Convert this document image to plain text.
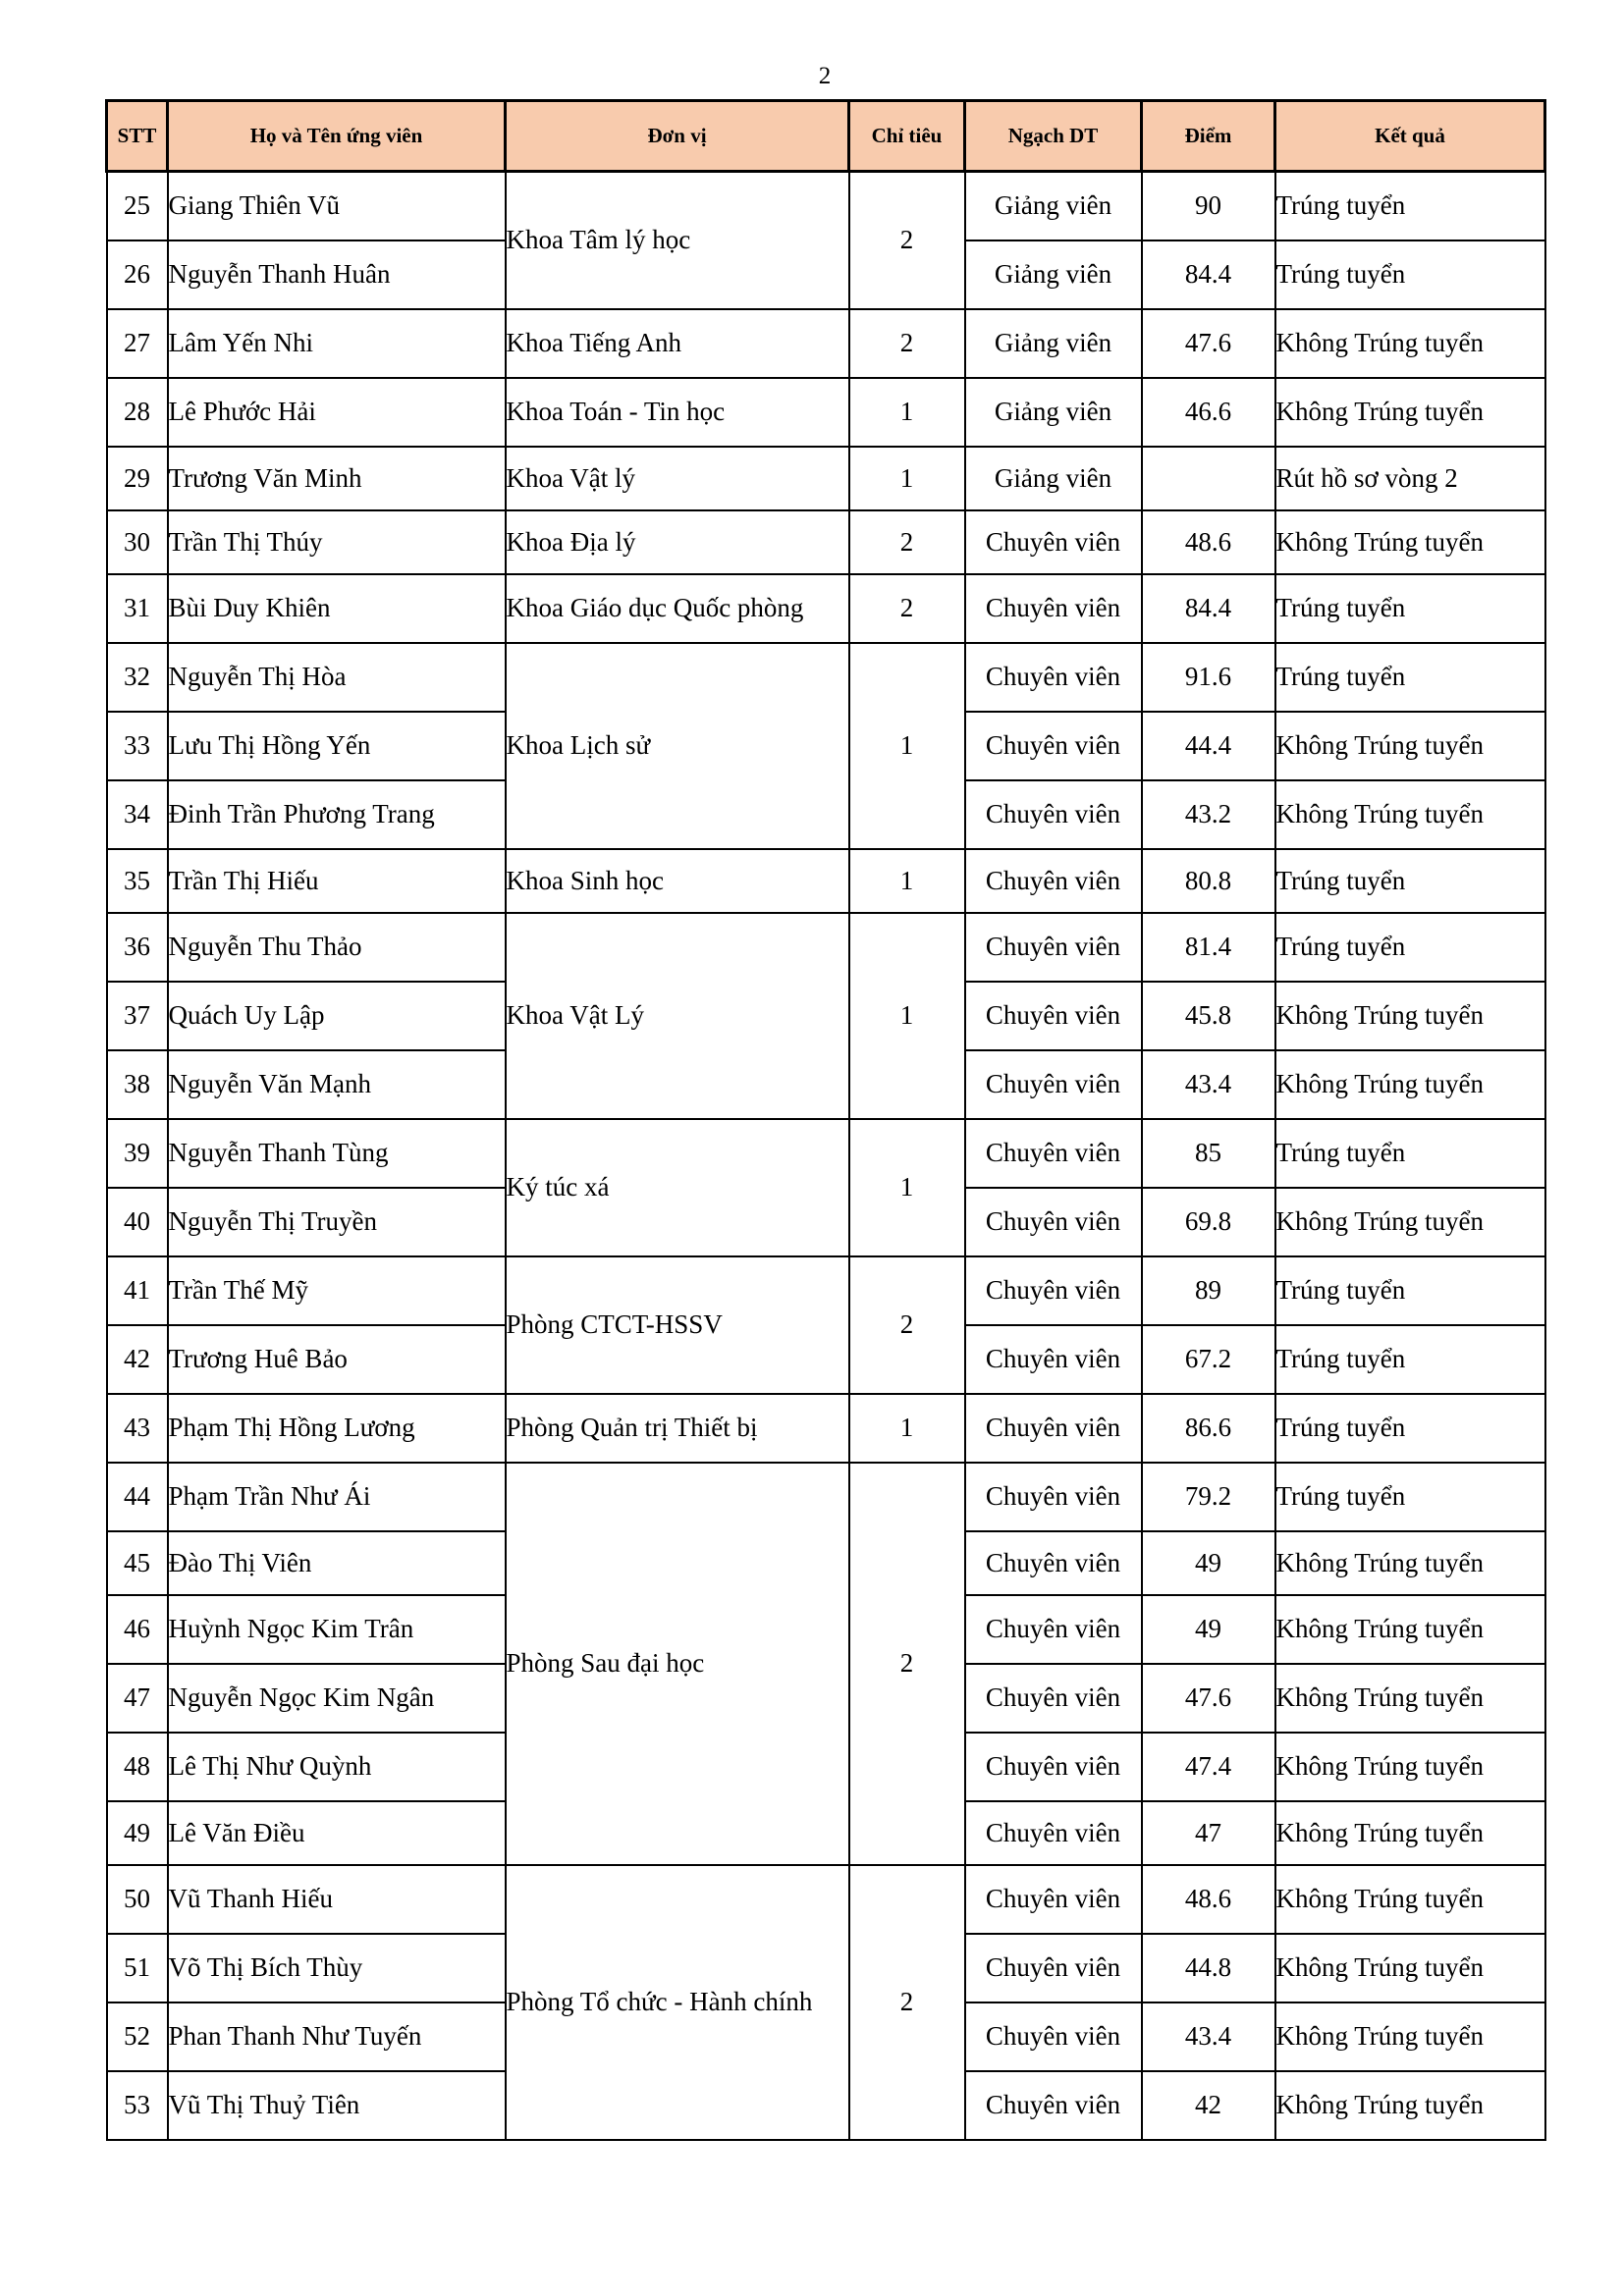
2
STT	Họ và Tên ứng viên	Đơn vị	Chỉ tiêu	Ngạch DT	Điểm	Kết quả
25	Giang Thiên Vũ	Khoa Tâm lý học	2	Giảng viên	90	Trúng tuyển
26	Nguyễn Thanh Huân			Giảng viên	84.4	Trúng tuyển
27	Lâm Yến Nhi	Khoa Tiếng Anh	2	Giảng viên	47.6	Không Trúng tuyển
28	Lê Phước Hải	Khoa Toán - Tin học	1	Giảng viên	46.6	Không Trúng tuyển
29	Trương Văn Minh	Khoa Vật lý	1	Giảng viên		Rút hồ sơ vòng 2
30	Trần Thị Thúy	Khoa Địa lý	2	Chuyên viên	48.6	Không Trúng tuyển
31	Bùi Duy Khiên	Khoa Giáo dục Quốc phòng	2	Chuyên viên	84.4	Trúng tuyển
32	Nguyễn Thị Hòa	Khoa Lịch sử	1	Chuyên viên	91.6	Trúng tuyển
33	Lưu Thị Hồng Yến			Chuyên viên	44.4	Không Trúng tuyển
34	Đinh Trần Phương Trang			Chuyên viên	43.2	Không Trúng tuyển
35	Trần Thị Hiếu	Khoa Sinh học	1	Chuyên viên	80.8	Trúng tuyển
36	Nguyễn Thu Thảo	Khoa Vật Lý	1	Chuyên viên	81.4	Trúng tuyển
37	Quách Uy Lập			Chuyên viên	45.8	Không Trúng tuyển
38	Nguyễn Văn Mạnh			Chuyên viên	43.4	Không Trúng tuyển
39	Nguyễn Thanh Tùng	Ký túc xá	1	Chuyên viên	85	Trúng tuyển
40	Nguyễn Thị Truyền			Chuyên viên	69.8	Không Trúng tuyển
41	Trần Thế Mỹ	Phòng CTCT-HSSV	2	Chuyên viên	89	Trúng tuyển
42	Trương Huê Bảo			Chuyên viên	67.2	Trúng tuyển
43	Phạm Thị Hồng Lương	Phòng Quản trị Thiết bị	1	Chuyên viên	86.6	Trúng tuyển
44	Phạm Trần Như Ái	Phòng Sau đại học	2	Chuyên viên	79.2	Trúng tuyển
45	Đào Thị Viên			Chuyên viên	49	Không Trúng tuyển
46	Huỳnh Ngọc Kim Trân			Chuyên viên	49	Không Trúng tuyển
47	Nguyễn Ngọc Kim Ngân			Chuyên viên	47.6	Không Trúng tuyển
48	Lê Thị Như Quỳnh			Chuyên viên	47.4	Không Trúng tuyển
49	Lê Văn Điều			Chuyên viên	47	Không Trúng tuyển
50	Vũ Thanh Hiếu	Phòng Tổ chức - Hành chính	2	Chuyên viên	48.6	Không Trúng tuyển
51	Võ Thị Bích Thùy			Chuyên viên	44.8	Không Trúng tuyển
52	Phan Thanh Như Tuyến			Chuyên viên	43.4	Không Trúng tuyển
53	Vũ Thị Thuỷ Tiên			Chuyên viên	42	Không Trúng tuyển
